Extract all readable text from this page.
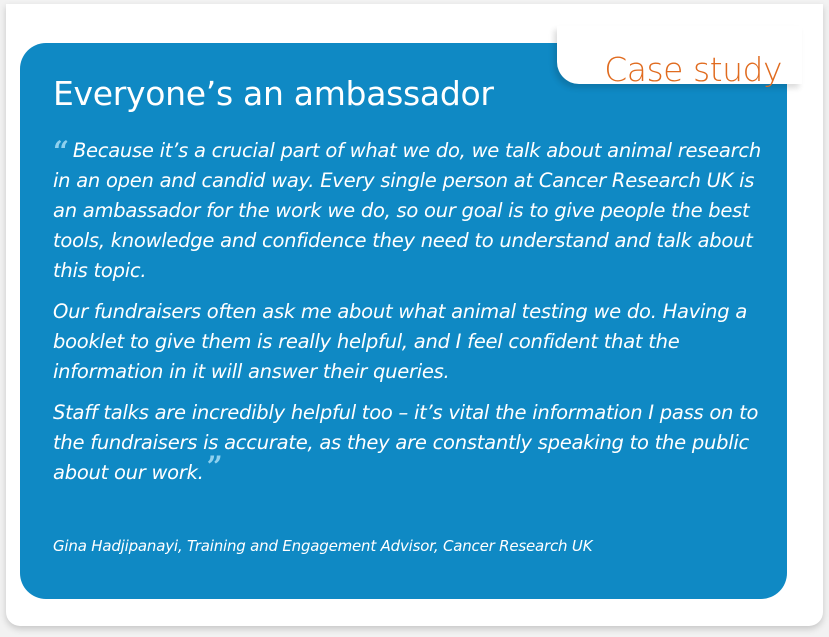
Everyone’s an ambassador

“ Because it’s a crucial part of what we do, we talk about animal research in an open and candid way. Every single person at Cancer Research UK is an ambassador for the work we do, so our goal is to give people the best tools, knowledge and confidence they need to understand and talk about this topic.

Our fundraisers often ask me about what animal testing we do. Having a booklet to give them is really helpful, and I feel confident that the information in it will answer their queries.

Staff talks are incredibly helpful too – it’s vital the information I pass on to the fundraisers is accurate, as they are constantly speaking to the public about our work. ”

Gina Hadjipanayi, Training and Engagement Advisor, Cancer Research UK
Case study
